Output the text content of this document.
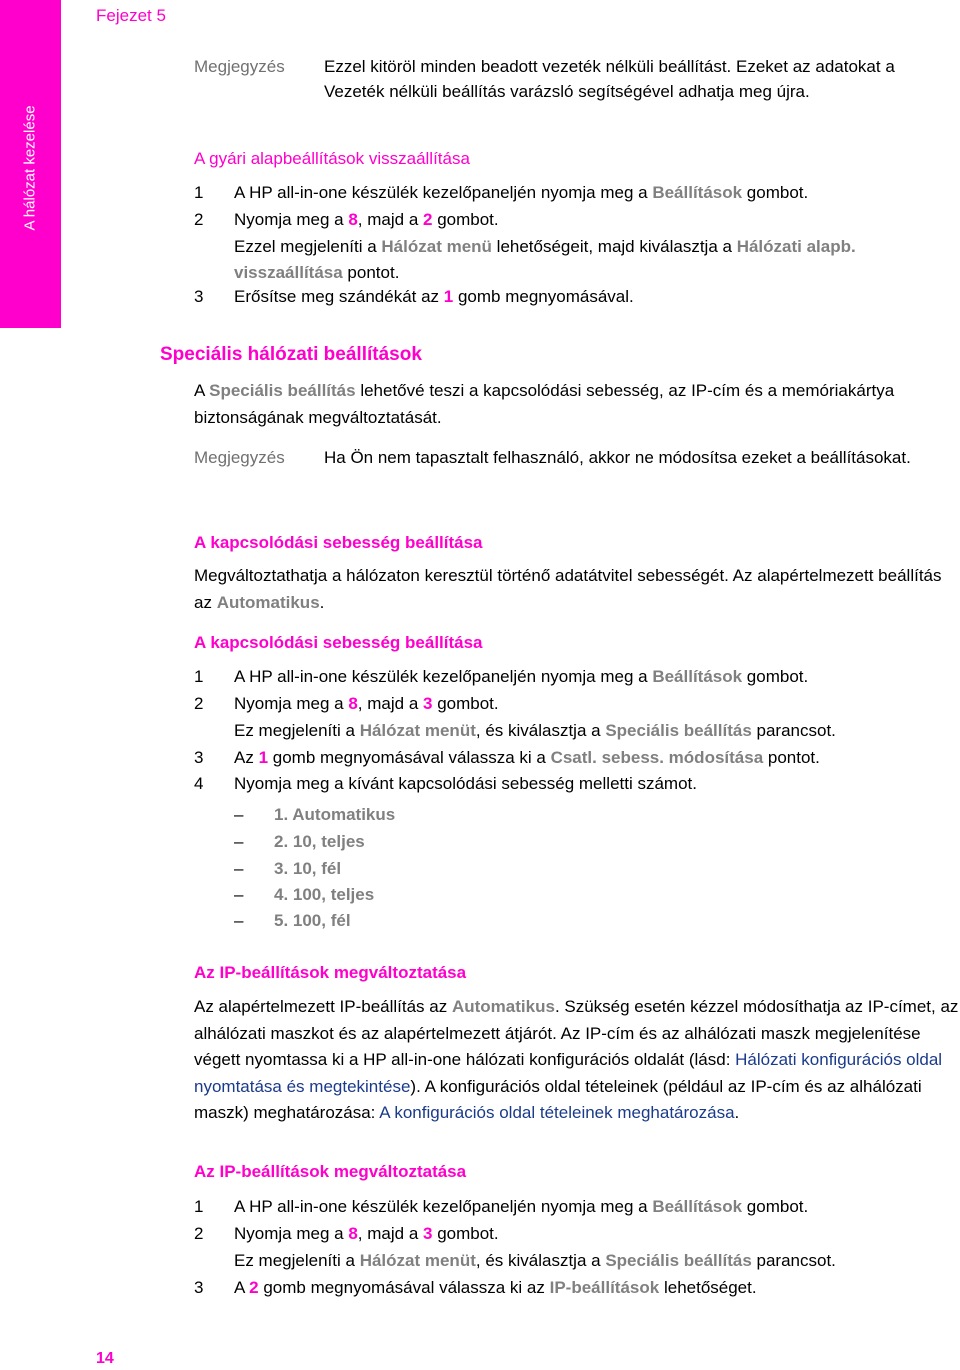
Fejezet 5
A hálózat kezelése
Megjegyzés Ezzel kitöröl minden beadott vezeték nélküli beállítást. Ezeket az adatokat a Vezeték nélküli beállítás varázsló segítségével adhatja meg újra.
A gyári alapbeállítások visszaállítása
1 A HP all-in-one készülék kezelőpaneljén nyomja meg a Beállítások gombot.
2 Nyomja meg a 8, majd a 2 gombot.
Ezzel megjeleníti a Hálózat menü lehetőségeit, majd kiválasztja a Hálózati alapb. visszaállítása pontot.
3 Erősítse meg szándékát az 1 gomb megnyomásával.
Speciális hálózati beállítások
A Speciális beállítás lehetővé teszi a kapcsolódási sebesség, az IP-cím és a memóriakártya biztonságának megváltoztatását.
Megjegyzés Ha Ön nem tapasztalt felhasználó, akkor ne módosítsa ezeket a beállításokat.
A kapcsolódási sebesség beállítása
Megváltoztathatja a hálózaton keresztül történő adatátvitel sebességét. Az alapértelmezett beállítás az Automatikus.
A kapcsolódási sebesség beállítása
1 A HP all-in-one készülék kezelőpaneljén nyomja meg a Beállítások gombot.
2 Nyomja meg a 8, majd a 3 gombot.
Ez megjeleníti a Hálózat menüt, és kiválasztja a Speciális beállítás parancsot.
3 Az 1 gomb megnyomásával válassza ki a Csatl. sebess. módosítása pontot.
4 Nyomja meg a kívánt kapcsolódási sebesség melletti számot.
– 1. Automatikus
– 2. 10, teljes
– 3. 10, fél
– 4. 100, teljes
– 5. 100, fél
Az IP-beállítások megváltoztatása
Az alapértelmezett IP-beállítás az Automatikus. Szükség esetén kézzel módosíthatja az IP-címet, az alhálózati maszkot és az alapértelmezett átjárót. Az IP-cím és az alhálózati maszk megjelenítése végett nyomtassa ki a HP all-in-one hálózati konfigurációs oldalát (lásd: Hálózati konfigurációs oldal nyomtatása és megtekintése). A konfigurációs oldal tételeinek (például az IP-cím és az alhálózati maszk) meghatározása: A konfigurációs oldal tételeinek meghatározása.
Az IP-beállítások megváltoztatása
1 A HP all-in-one készülék kezelőpaneljén nyomja meg a Beállítások gombot.
2 Nyomja meg a 8, majd a 3 gombot.
Ez megjeleníti a Hálózat menüt, és kiválasztja a Speciális beállítás parancsot.
3 A 2 gomb megnyomásával válassza ki az IP-beállítások lehetőséget.
14
